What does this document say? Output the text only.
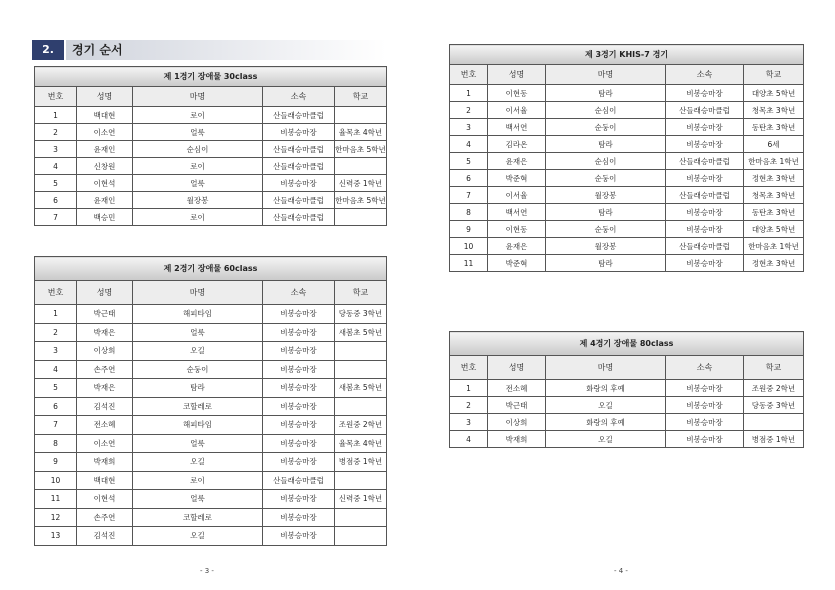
2.	경기 순서
제 1경기 장애물 30class				
번호	성명	마명	소속	학교
1	백대현	로이	산들래승마클럽	
2	이소연	얼룩	비봉승마장	율목초 4학년
3	윤재인	순심이	산들래승마클럽	한마음초 5학년
4	신창원	로이	산들래승마클럽	
5	이현석	얼룩	비봉승마장	신력중 1학년
6	윤재인	월장봉	산들래승마클럽	한마음초 5학년
7	백승민	로이	산들래승마클럽	
제 2경기 장애물 60class				
번호	성명	마명	소속	학교
1	박근태	해피타임	비봉승마장	당동중 3학년
2	박재은	얼룩	비봉승마장	새봄초 5학년
3	이상희	오길	비봉승마장	
4	손주연	순둥이	비봉승마장	
5	박재은	탐라	비봉승마장	새봄초 5학년
6	김석진	코할레로	비봉승마장	
7	전소혜	해피타임	비봉승마장	조원중 2학년
8	이소연	얼룩	비봉승마장	율목초 4학년
9	박재희	오길	비봉승마장	병점중 1학년
10	백대현	로이	산들래승마클럽	
11	이현석	얼룩	비봉승마장	신력중 1학년
12	손주연	코할레로	비봉승마장	
13	김석진	오길	비봉승마장	
제 3경기 KHIS-7 경기				
번호	성명	마명	소속	학교
1	이현동	탐라	비봉승마장	대양초 5학년
2	이서율	순심이	산들래승마클럽	청목초 3학년
3	백서연	순둥이	비봉승마장	동탄초 3학년
4	김라온	탐라	비봉승마장	6세
5	윤재은	순심이	산들래승마클럽	한마음초 1학년
6	박준혁	순둥이	비봉승마장	정현초 3학년
7	이서율	월장봉	산들래승마클럽	청목초 3학년
8	백서연	탐라	비봉승마장	동탄초 3학년
9	이현동	순둥이	비봉승마장	대양초 5학년
10	윤재은	월장봉	산들래승마클럽	한마음초 1학년
11	박준혁	탐라	비봉승마장	정현초 3학년
제 4경기 장애물 80class				
번호	성명	마명	소속	학교
1	전소혜	화랑의 후예	비봉승마장	조원중 2학년
2	박근태	오길	비봉승마장	당동중 3학년
3	이상희	화랑의 후예	비봉승마장	
4	박재희	오길	비봉승마장	병점중 1학년
- 3 -	- 4 -
